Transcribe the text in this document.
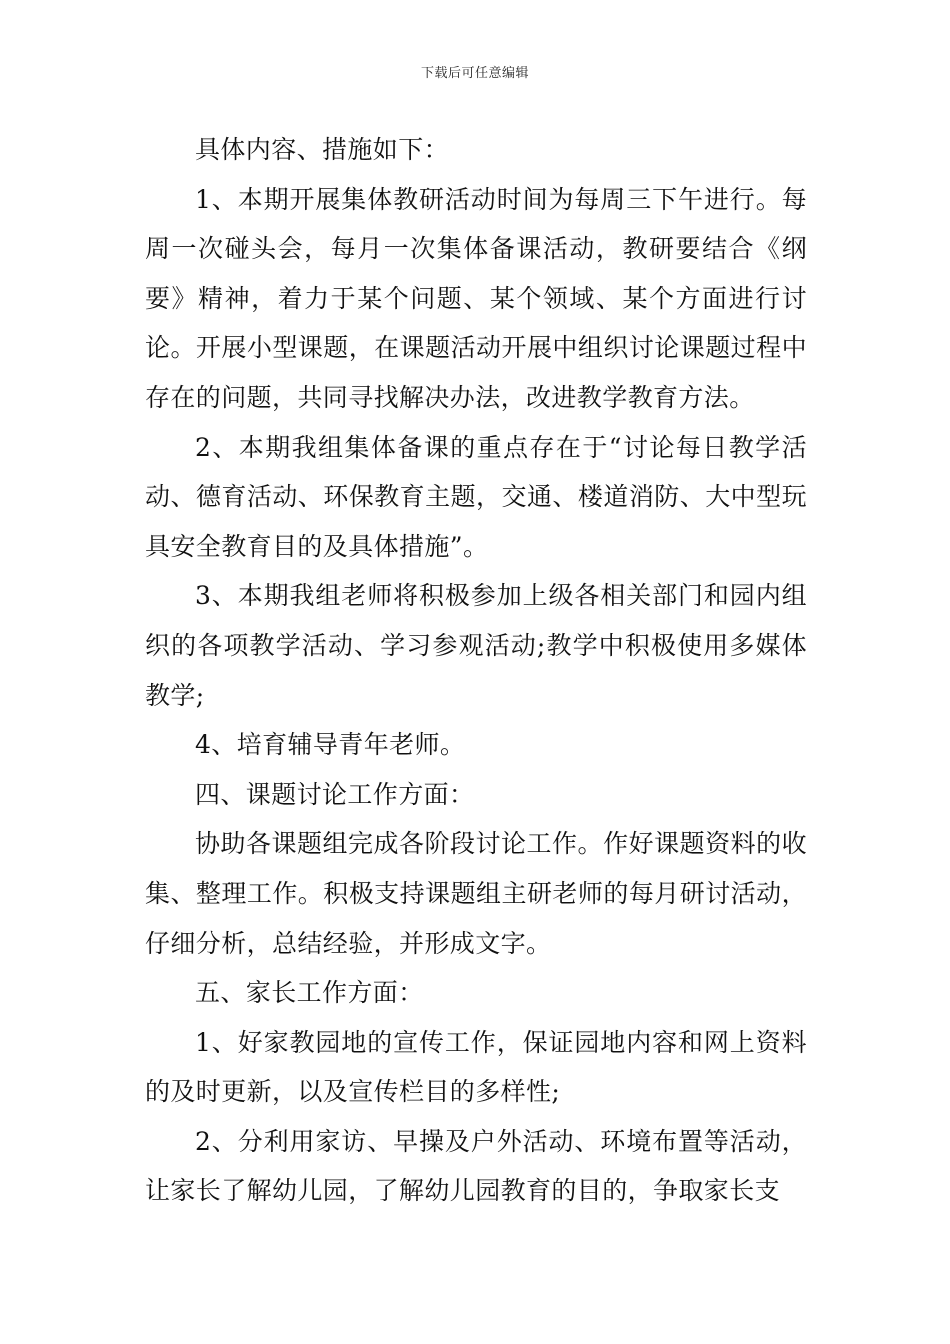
下载后可任意编辑

具体内容、措施如下：

1、本期开展集体教研活动时间为每周三下午进行。每周一次碰头会，每月一次集体备课活动，教研要结合《纲要》精神，着力于某个问题、某个领域、某个方面进行讨论。开展小型课题，在课题活动开展中组织讨论课题过程中存在的问题，共同寻找解决办法，改进教学教育方法。

2、本期我组集体备课的重点存在于“讨论每日教学活动、德育活动、环保教育主题，交通、楼道消防、大中型玩具安全教育目的及具体措施”。

3、本期我组老师将积极参加上级各相关部门和园内组织的各项教学活动、学习参观活动;教学中积极使用多媒体教学;

4、培育辅导青年老师。

四、课题讨论工作方面：

协助各课题组完成各阶段讨论工作。作好课题资料的收集、整理工作。积极支持课题组主研老师的每月研讨活动，仔细分析，总结经验，并形成文字。

五、家长工作方面：

1、好家教园地的宣传工作，保证园地内容和网上资料的及时更新，以及宣传栏目的多样性;

2、分利用家访、早操及户外活动、环境布置等活动，让家长了解幼儿园，了解幼儿园教育的目的，争取家长支
